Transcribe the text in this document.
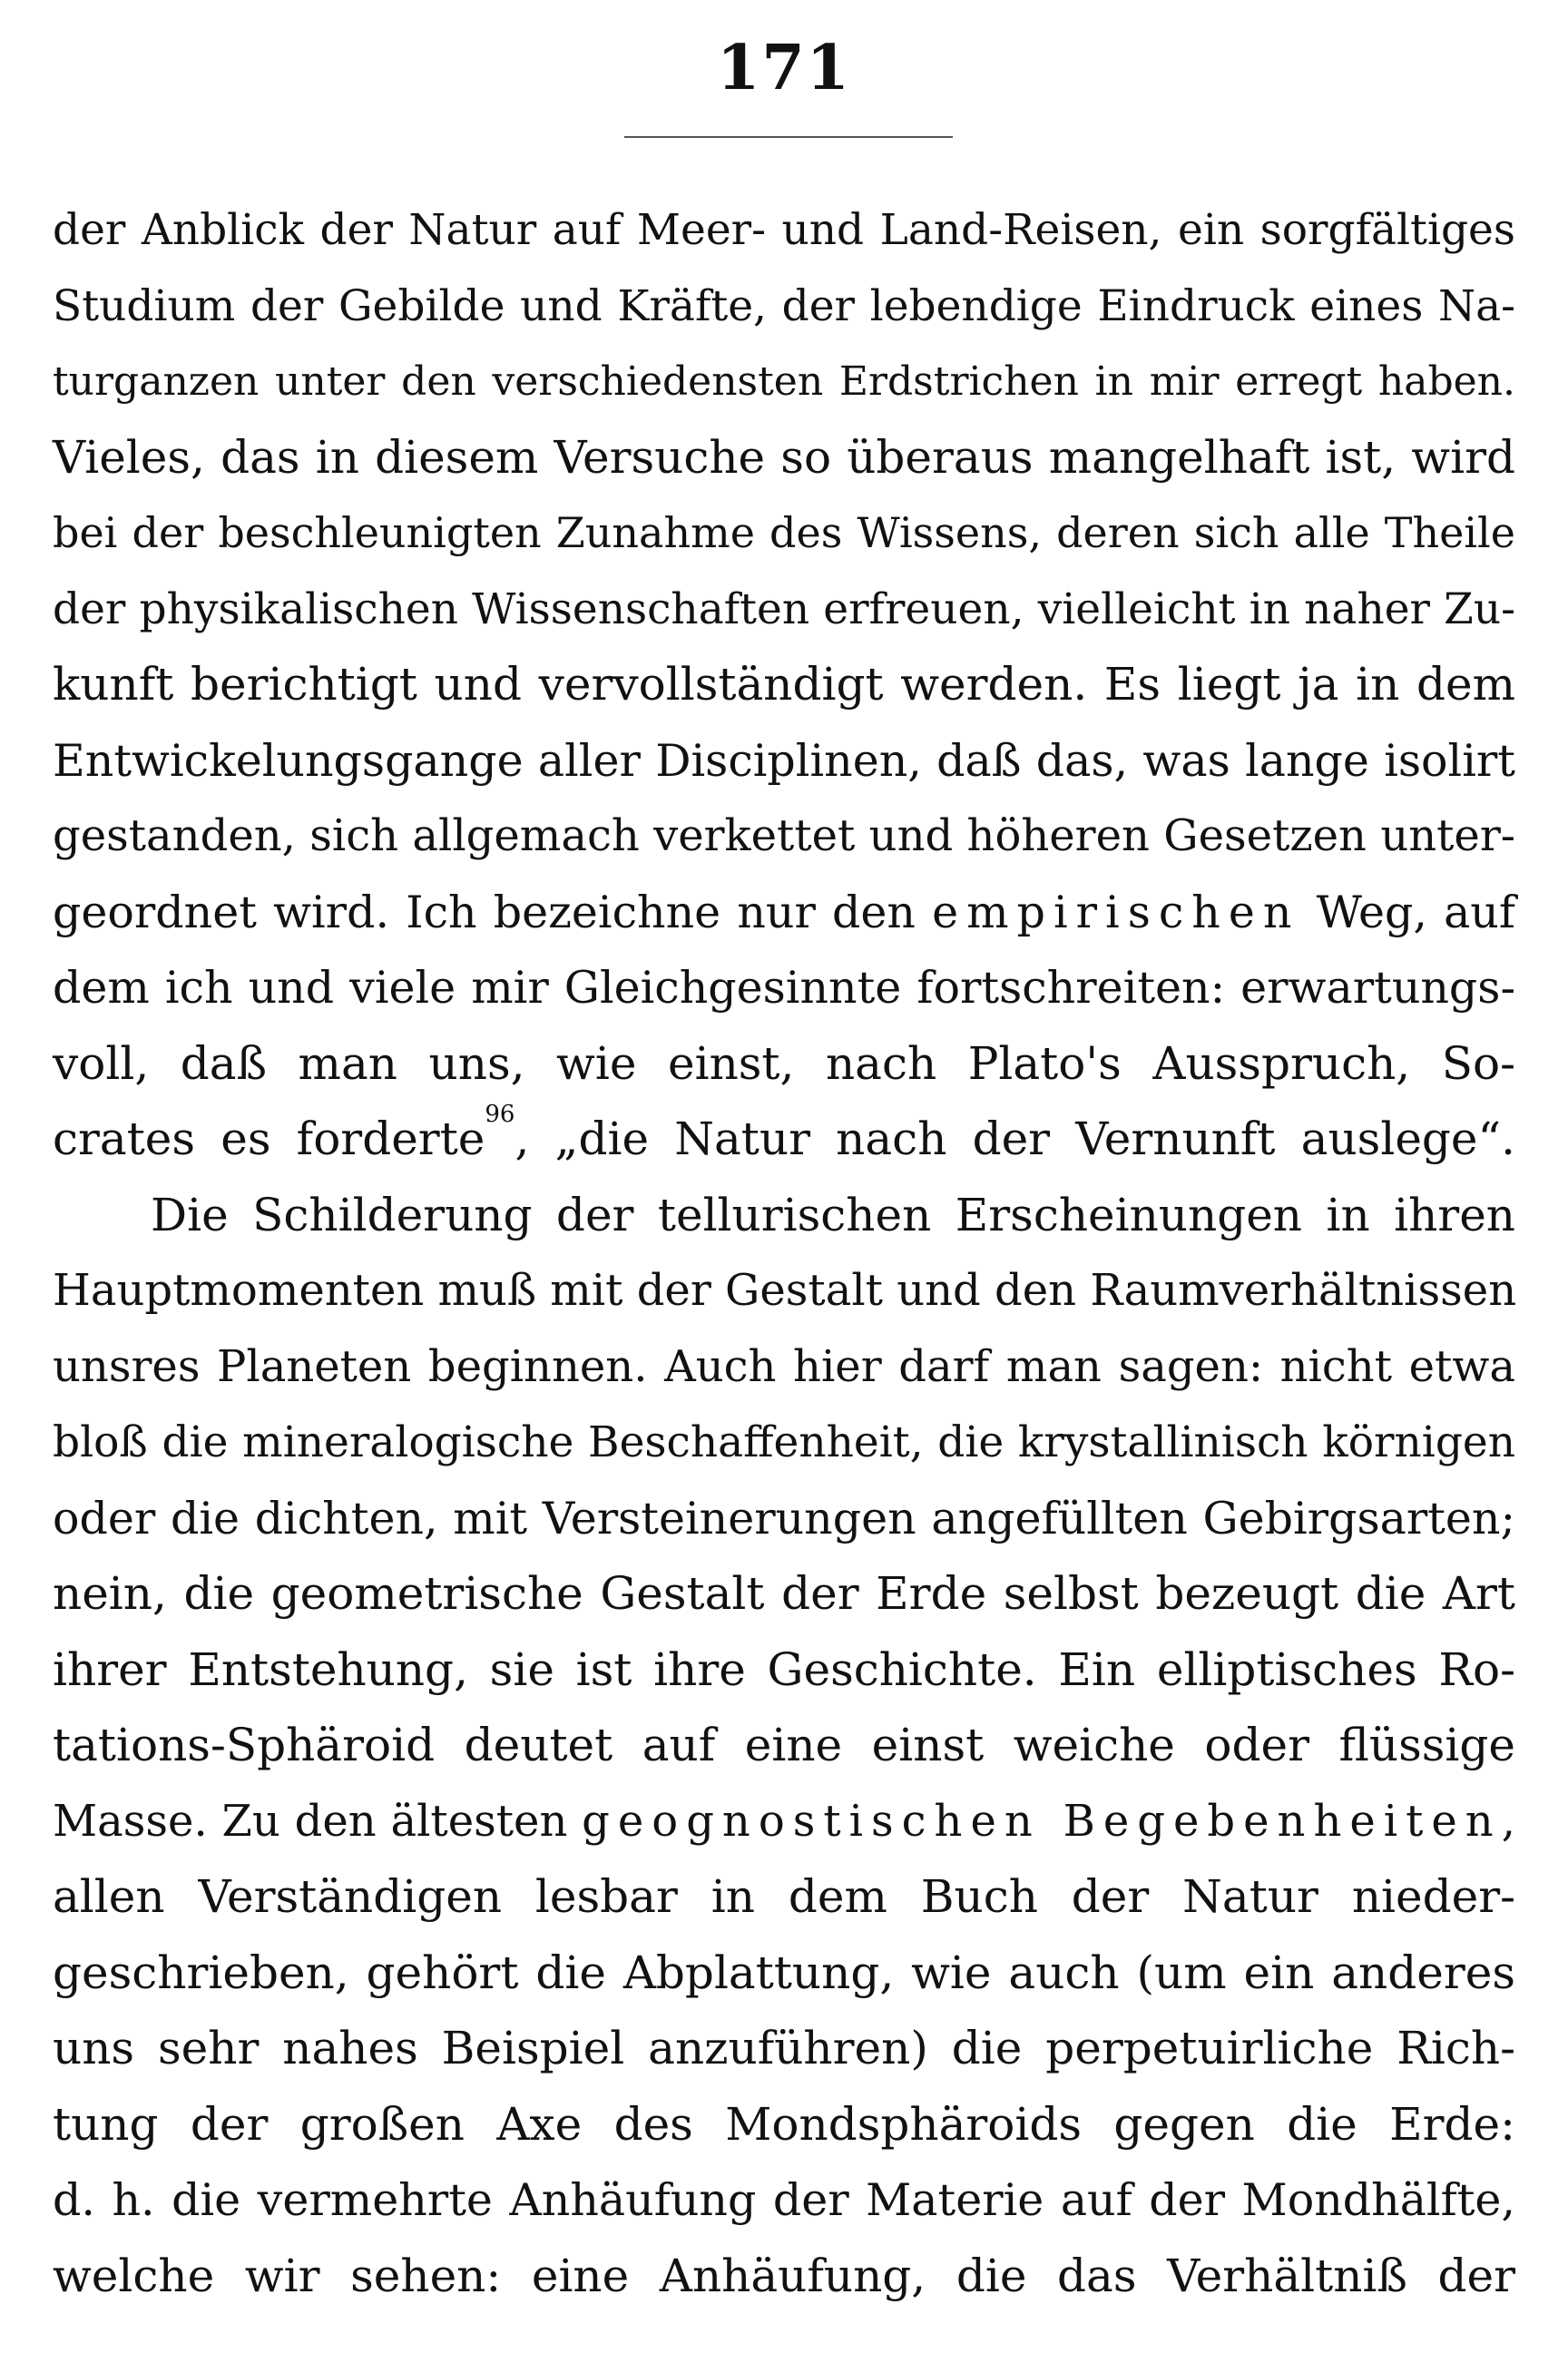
171
der Anblick der Natur auf Meer- und Land-Reisen, ein sorgfältiges
Studium der Gebilde und Kräfte, der lebendige Eindruck eines Na-
turganzen unter den verschiedensten Erdstrichen in mir erregt haben.
Vieles, das in diesem Versuche so überaus mangelhaft ist, wird
bei der beschleunigten Zunahme des Wissens, deren sich alle Theile
der physikalischen Wissenschaften erfreuen, vielleicht in naher Zu-
kunft berichtigt und vervollständigt werden. Es liegt ja in dem
Entwickelungsgange aller Disciplinen, daß das, was lange isolirt
gestanden, sich allgemach verkettet und höheren Gesetzen unter-
geordnet wird. Ich bezeichne nur den empirischen Weg, auf
dem ich und viele mir Gleichgesinnte fortschreiten: erwartungs-
voll, daß man uns, wie einst, nach Plato's Ausspruch, So-
crates es forderte$^{96}$, „die Natur nach der Vernunft auslege“.
Die Schilderung der tellurischen Erscheinungen in ihren
Hauptmomenten muß mit der Gestalt und den Raumverhältnissen
unsres Planeten beginnen. Auch hier darf man sagen: nicht etwa
bloß die mineralogische Beschaffenheit, die krystallinisch körnigen
oder die dichten, mit Versteinerungen angefüllten Gebirgsarten;
nein, die geometrische Gestalt der Erde selbst bezeugt die Art
ihrer Entstehung, sie ist ihre Geschichte. Ein elliptisches Ro-
tations-Sphäroid deutet auf eine einst weiche oder flüssige
Masse. Zu den ältesten geognostischen Begebenheiten,
allen Verständigen lesbar in dem Buch der Natur nieder-
geschrieben, gehört die Abplattung, wie auch (um ein anderes
uns sehr nahes Beispiel anzuführen) die perpetuirliche Rich-
tung der großen Axe des Mondsphäroids gegen die Erde:
d. h. die vermehrte Anhäufung der Materie auf der Mondhälfte,
welche wir sehen: eine Anhäufung, die das Verhältniß der
